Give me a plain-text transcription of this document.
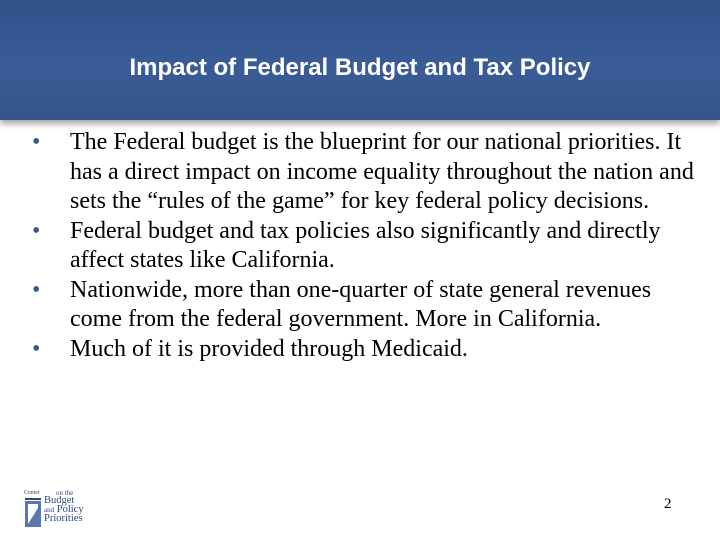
Impact of Federal Budget and Tax Policy
• The Federal budget is the blueprint for our national priorities. It has a direct impact on income equality throughout the nation and sets the “rules of the game” for key federal policy decisions.
• Federal budget and tax policies also significantly and directly affect states like California.
• Nationwide, more than one-quarter of state general revenues come from the federal government. More in California.
• Much of it is provided through Medicaid.
Center	on the
Budget
and Policy
Priorities
2
